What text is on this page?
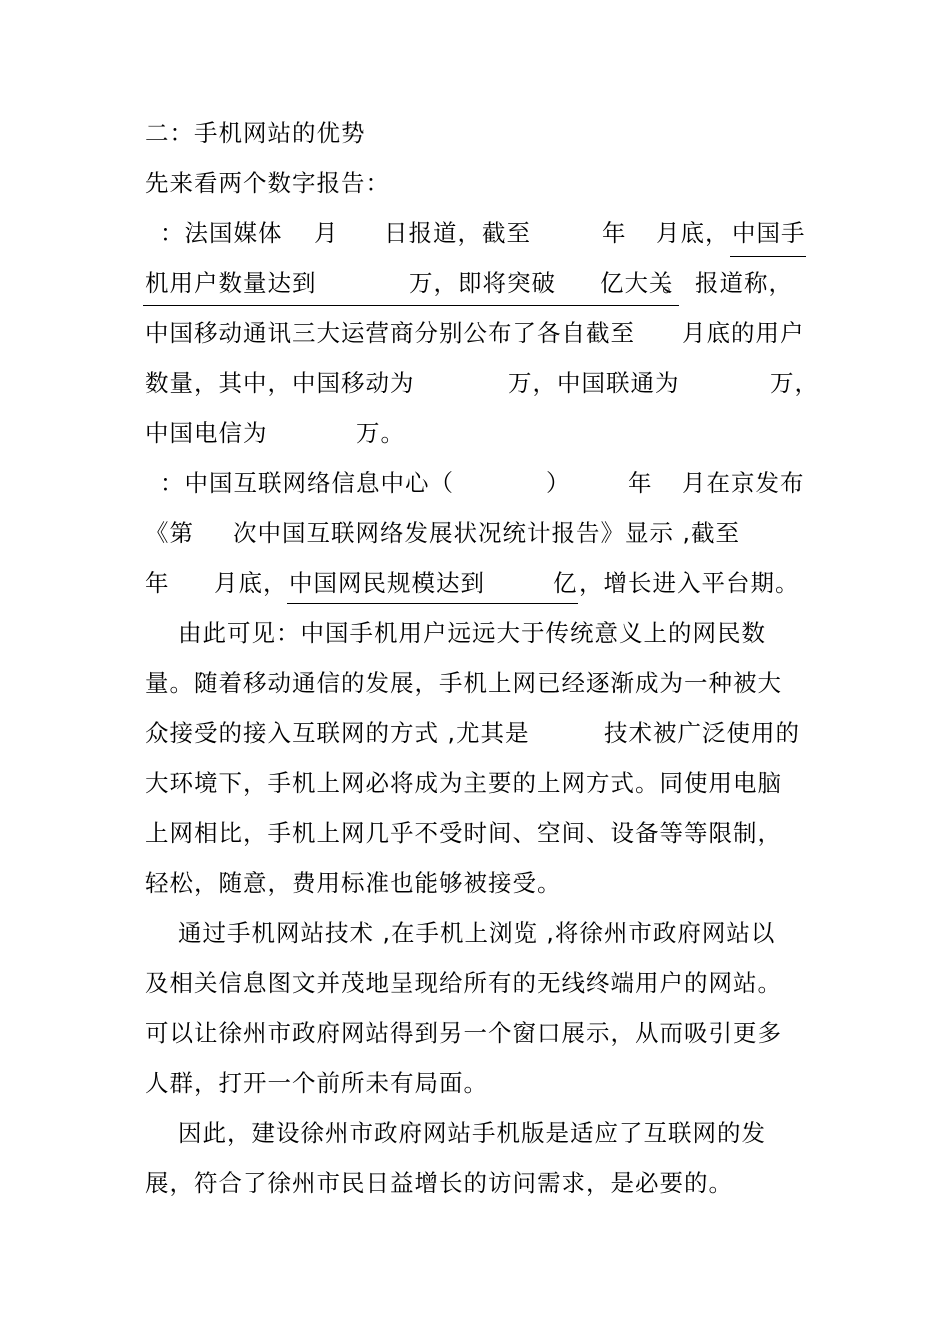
二：手机网站的优势
先来看两个数字报告：
：法国媒体 月 日报道，截至	年 月底， 中国手
机用户数量达到	万，即将突破 亿大关
。 报道称，
中国移动通讯三大运营商分别公布了各自截至 月底的用户
数量，其中，中国移动为	万，中国联通为	万，
中国电信为	万。
：中国互联网络信息中心（	） 年 月在京发布
《第 次中国互联网络发展状况统计报告》显示 ,截至
年 月底， 中国网民规模达到	亿 ，增长进入平台期。
由此可见：中国手机用户远远大于传统意义上的网民数
量。随着移动通信的发展，手机上网已经逐渐成为一种被大
众接受的接入互联网的方式 ,尤其是	技术被广泛使用的
大环境下，手机上网必将成为主要的上网方式。同使用电脑
上网相比，手机上网几乎不受时间、空间、设备等等限制，
轻松，随意，费用标准也能够被接受。
通过手机网站技术 ,在手机上浏览 ,将徐州市政府网站以
及相关信息图文并茂地呈现给所有的无线终端用户的网站。
可以让徐州市政府网站得到另一个窗口展示，从而吸引更多
人群，打开一个前所未有局面。
因此，建设徐州市政府网站手机版是适应了互联网的发
展，符合了徐州市民日益增长的访问需求，是必要的。
